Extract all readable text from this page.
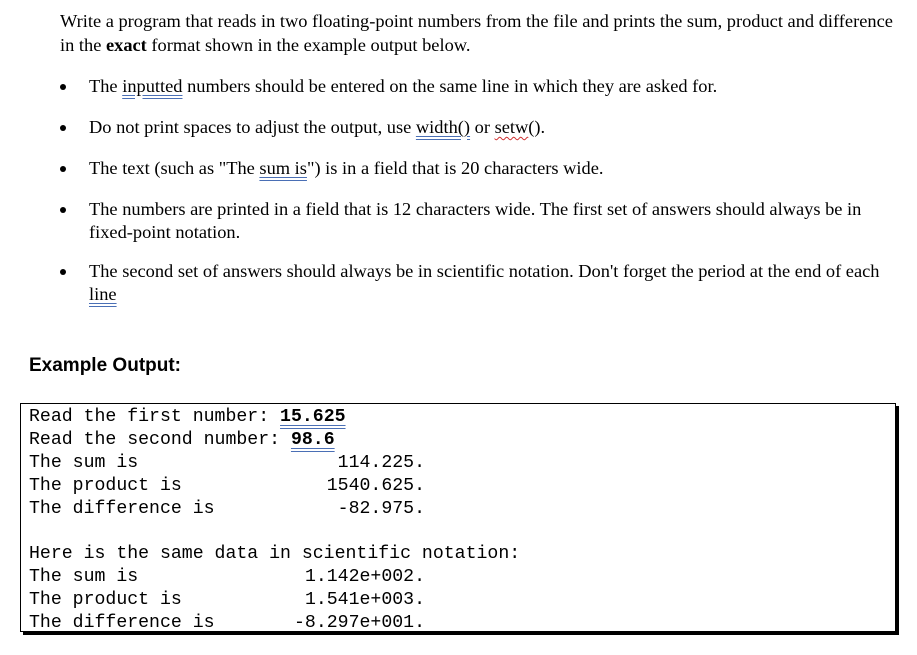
Write a program that reads in two floating-point numbers from the file and prints the sum, product and difference in the exact format shown in the example output below.

The inputted numbers should be entered on the same line in which they are asked for.
Do not print spaces to adjust the output, use width() or setw().
The text (such as "The sum is") is in a field that is 20 characters wide.
The numbers are printed in a field that is 12 characters wide. The first set of answers should always be in fixed-point notation.
The second set of answers should always be in scientific notation. Don't forget the period at the end of each line
Example Output:
Read the first number: 15.625
Read the second number: 98.6
The sum is	114.225.
The product is	1540.625.
The difference is	-82.975.
Here is the same data in scientific notation:
The sum is	1.142e+002.
The product is	1.541e+003.
The difference is	-8.297e+001.
